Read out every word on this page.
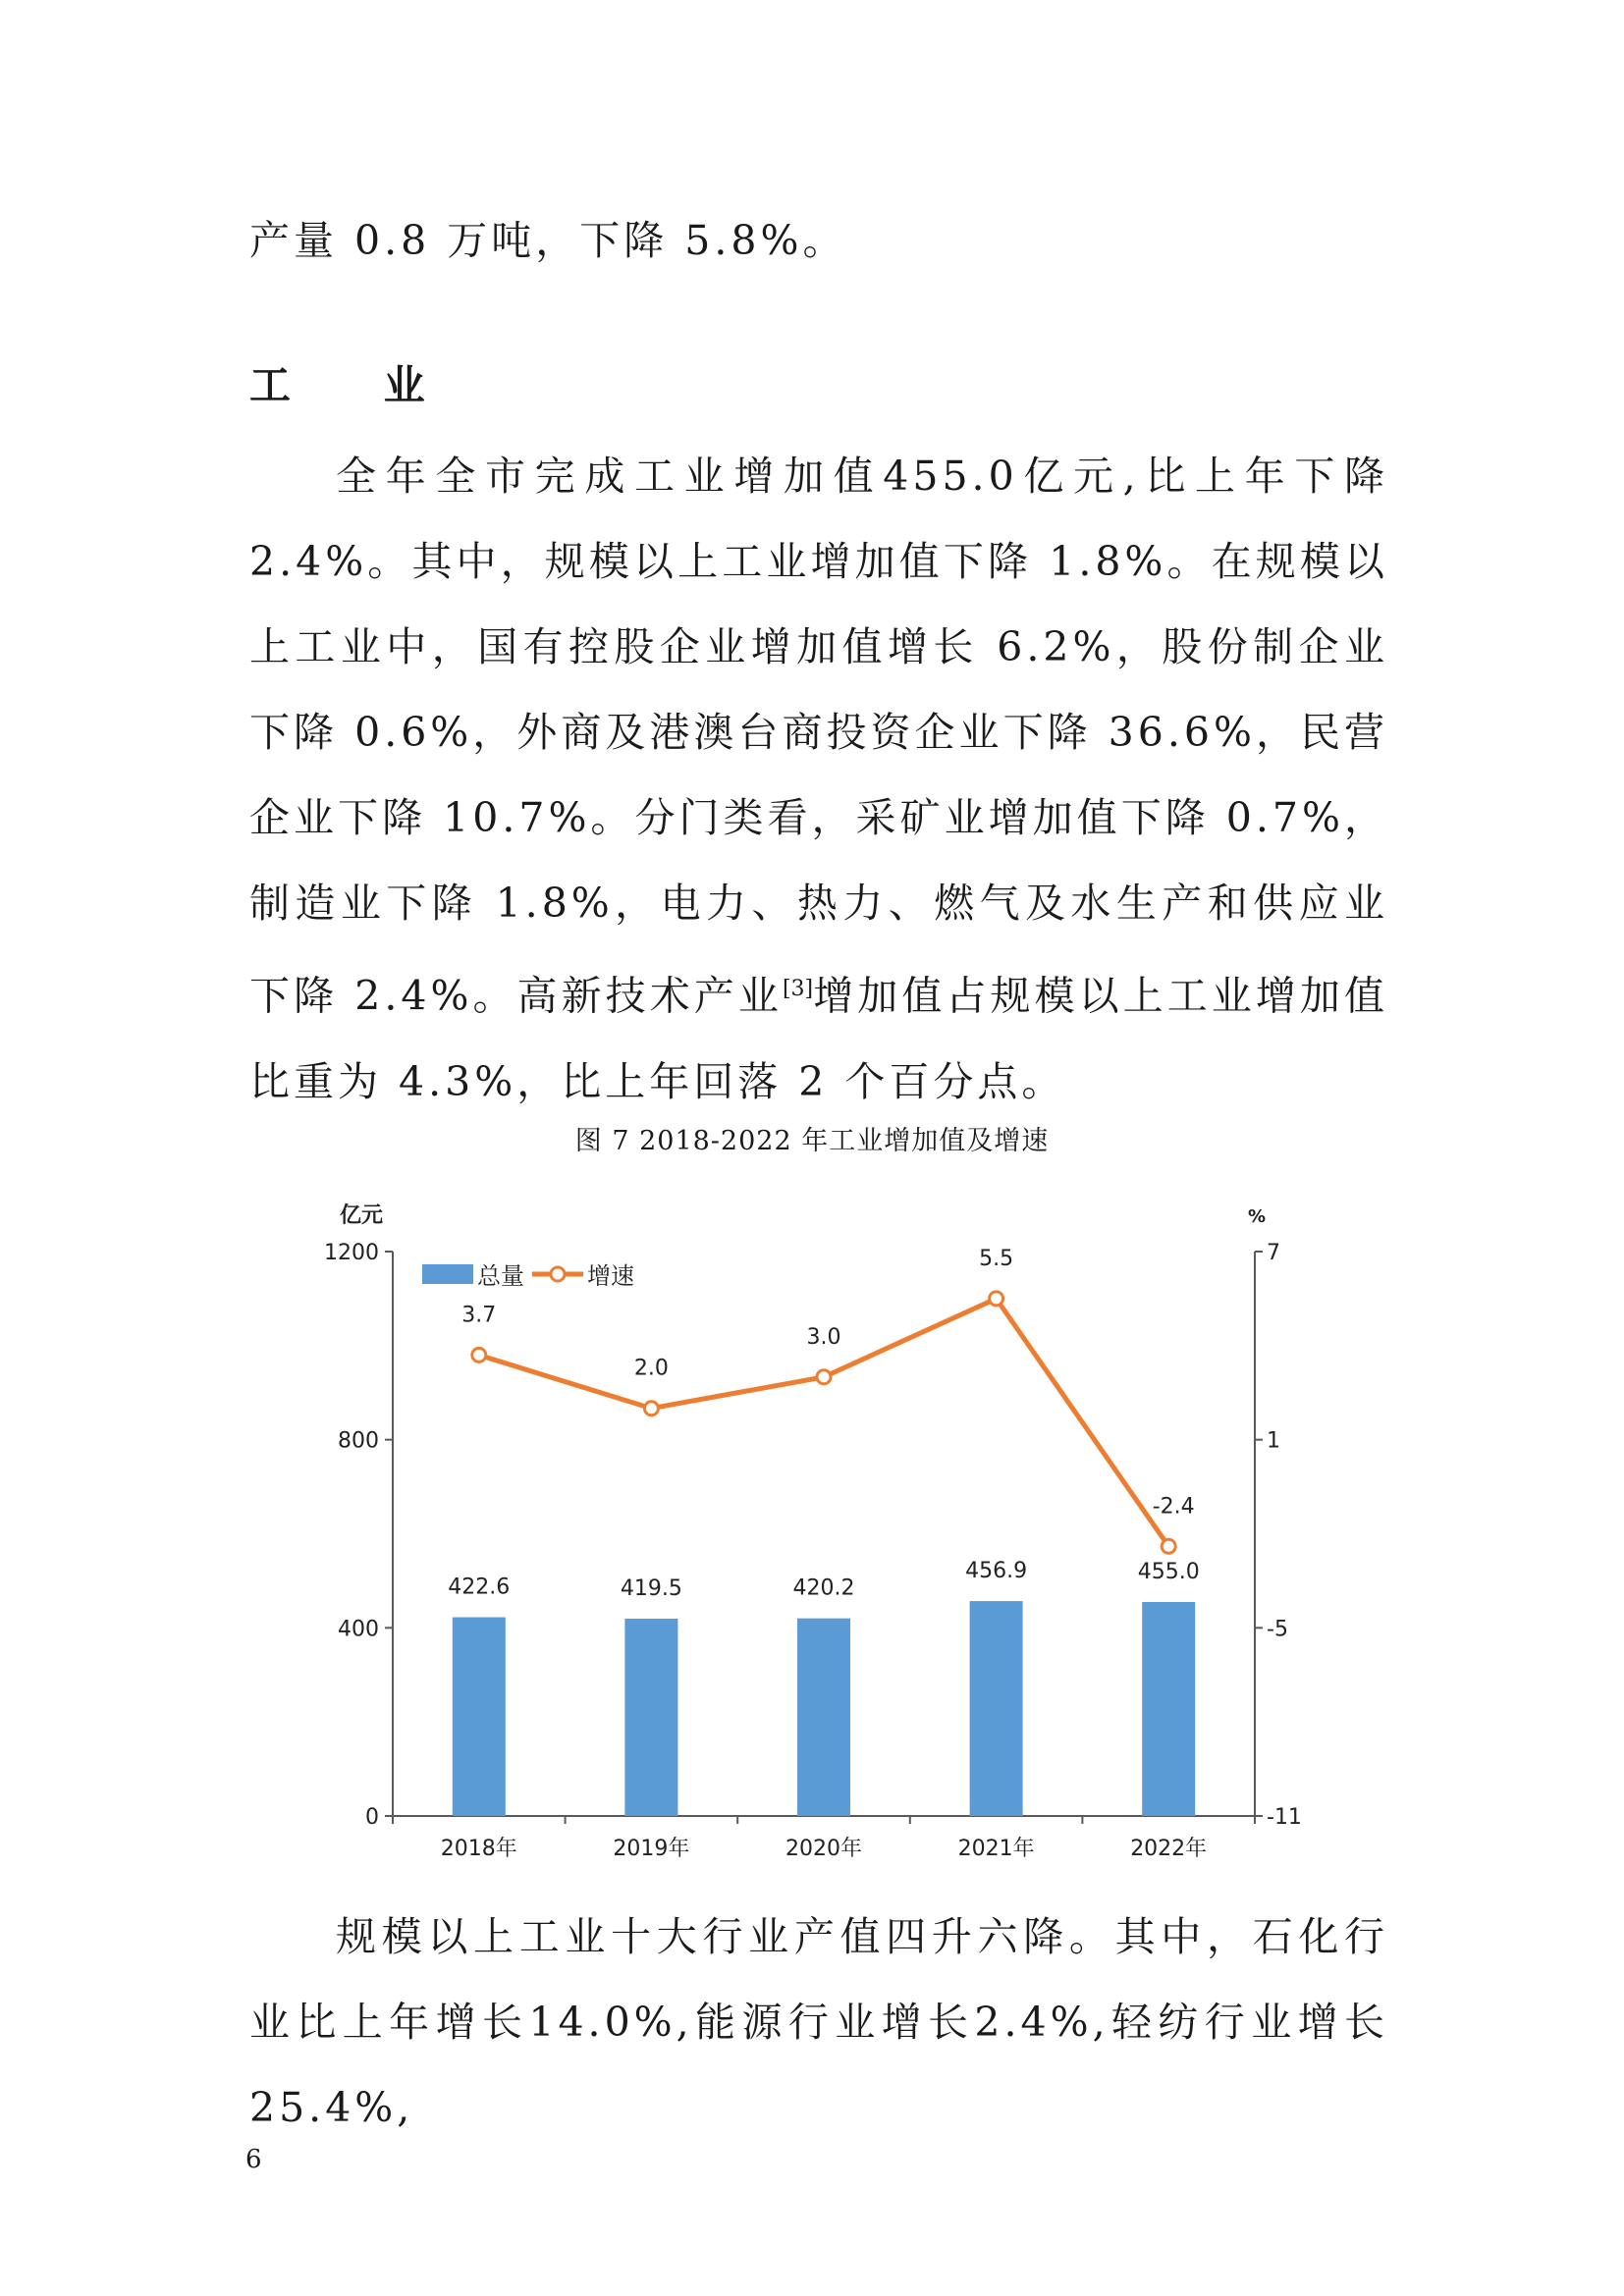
产量 0.8 万吨，下降 5.8%。

工 业

全年全市完成工业增加值455.0亿元,比上年下降2.4%。其中，规模以上工业增加值下降 1.8%。在规模以上工业中，国有控股企业增加值增长 6.2%，股份制企业下降 0.6%，外商及港澳台商投资企业下降 36.6%，民营企业下降 10.7%。分门类看，采矿业增加值下降 0.7%，制造业下降 1.8%，电力、热力、燃气及水生产和供应业下降 2.4%。高新技术产业[3]增加值占规模以上工业增加值比重为 4.3%，比上年回落 2 个百分点。

图 7 2018-2022 年工业增加值及增速

0
400
800
1200
-11
-5
1
7
亿元	%
2018年	2019年	2020年	2021年	2022年
422.6	419.5	420.2
456.9	455.0
3.7
2.0
3.0
5.5
-2.4
总量	增速

规模以上工业十大行业产值四升六降。其中，石化行业比上年增长14.0%,能源行业增长2.4%,轻纺行业增长25.4%,

6
